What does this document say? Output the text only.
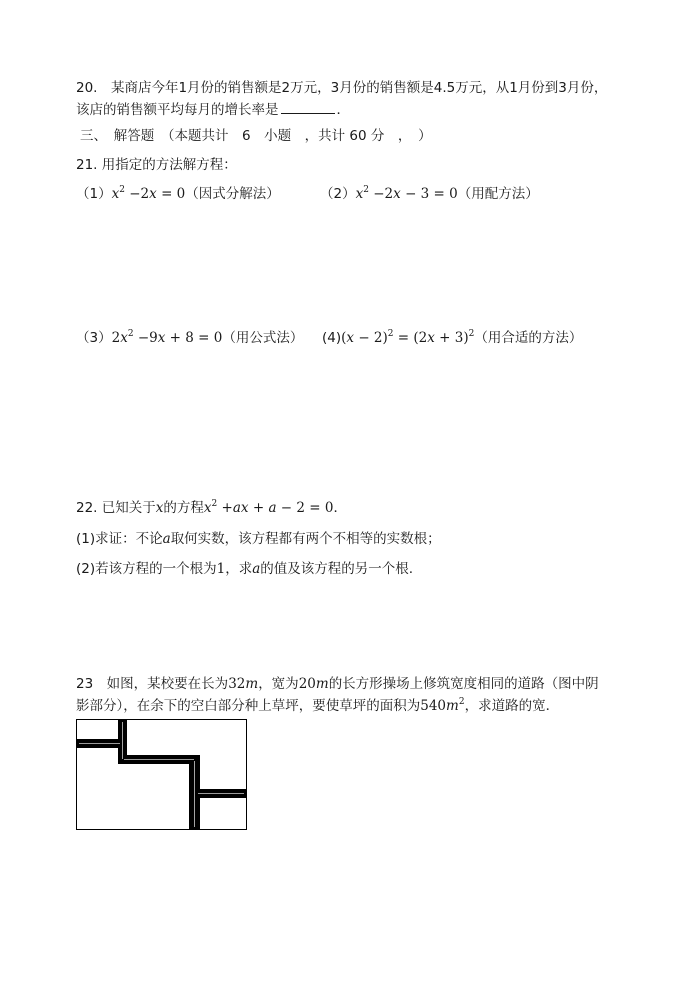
20.　某商店今年1月份的销售额是2万元，3月份的销售额是4.5万元，从1月份到3月份，
该店的销售额平均每月的增长率是	．
三、　解答题　（本题共计　6　小题　，共计 60 分　，　）
21. 用指定的方法解方程：
$(1)x^2 -2x = 0$（因式分解法）	$(2)x^2 -2x - 3 = 0$（用配方法）
$(3)2x^2 -9x + 8 = 0$（用公式法） $(4)(x - 2)^2 = (2x + 3)^2$（用合适的方法）
22. 已知关于x的方程$x^2 +ax + a - 2 = 0$．
(1)求证：不论a取何实数，该方程都有两个不相等的实数根；
(2)若该方程的一个根为1，求a的值及该方程的另一个根.
23　如图，某校要在长为32m，宽为20m的长方形操场上修筑宽度相同的道路（图中阴
影部分），在余下的空白部分种上草坪，要使草坪的面积为$540m^2$，求道路的宽．
